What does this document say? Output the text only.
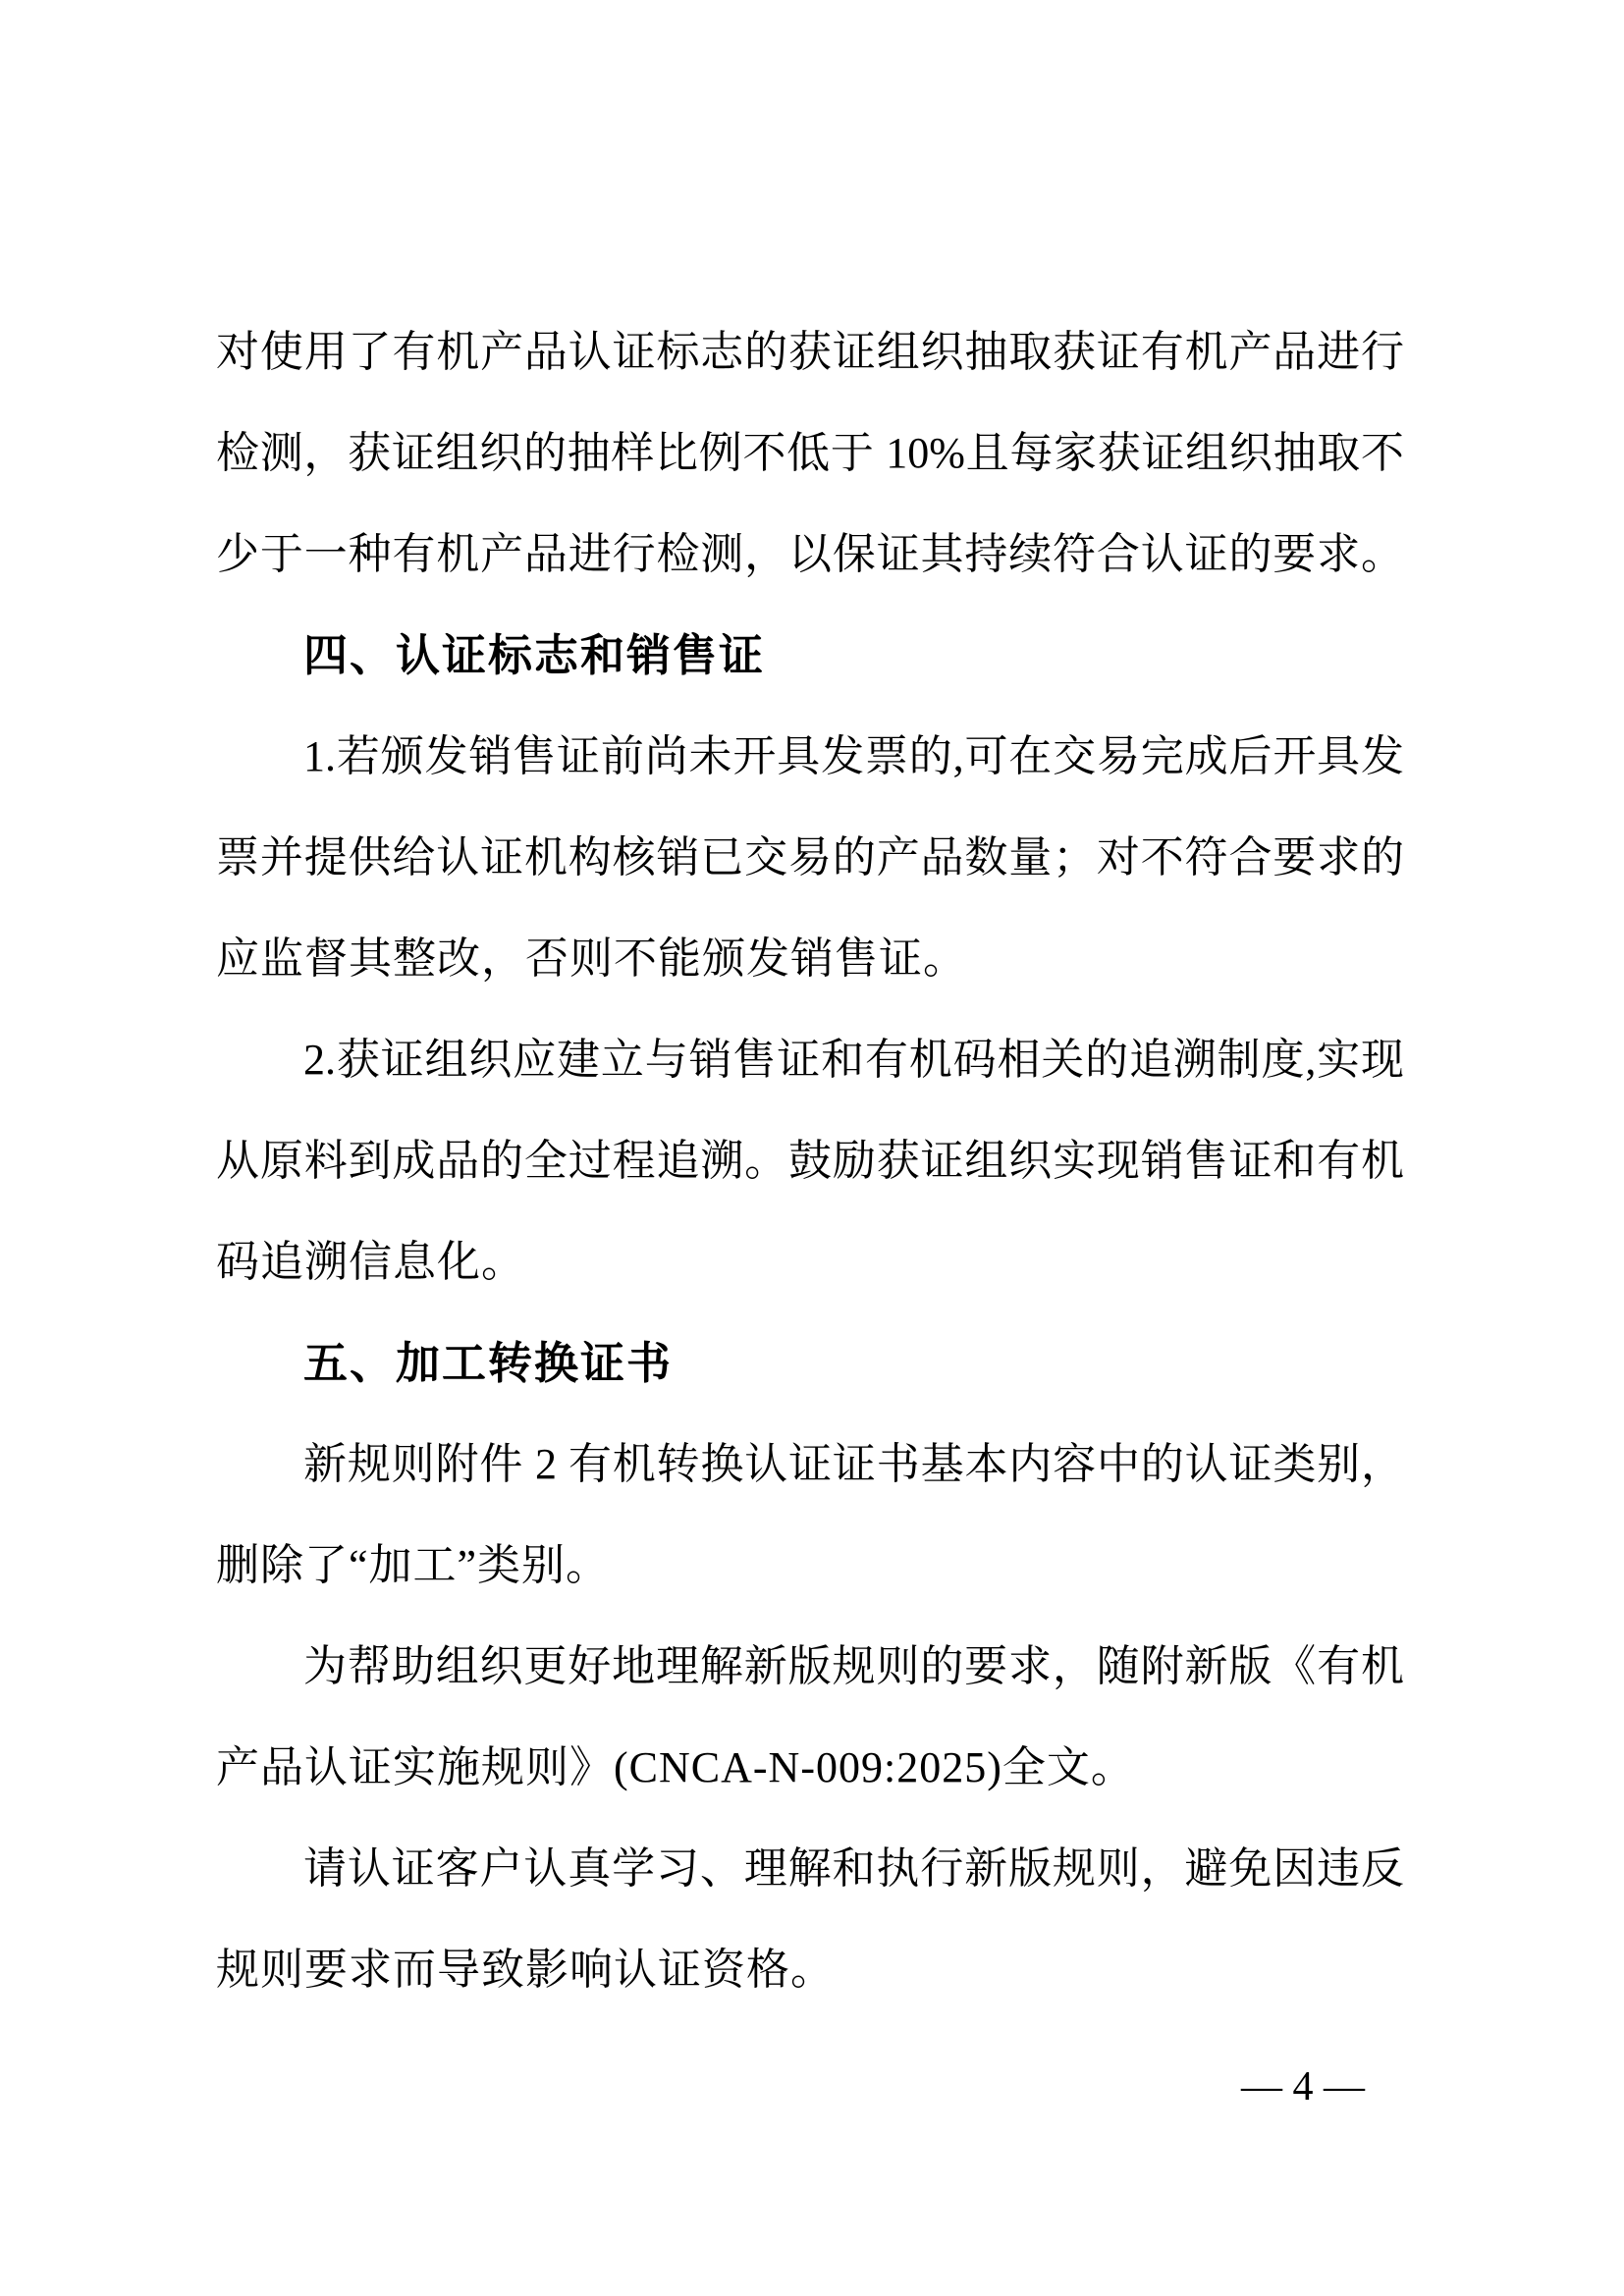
对使用了有机产品认证标志的获证组织抽取获证有机产品进行
检测，获证组织的抽样比例不低于 10%且每家获证组织抽取不
少于一种有机产品进行检测，以保证其持续符合认证的要求。
四、认证标志和销售证
1.若颁发销售证前尚未开具发票的,可在交易完成后开具发
票并提供给认证机构核销已交易的产品数量；对不符合要求的
应监督其整改，否则不能颁发销售证。
2.获证组织应建立与销售证和有机码相关的追溯制度,实现
从原料到成品的全过程追溯。鼓励获证组织实现销售证和有机
码追溯信息化。
五、加工转换证书
新规则附件 2 有机转换认证证书基本内容中的认证类别，
删除了“加工”类别。
为帮助组织更好地理解新版规则的要求，随附新版《有机
产品认证实施规则》(CNCA-N-009:2025)全文。
请认证客户认真学习、理解和执行新版规则，避免因违反
规则要求而导致影响认证资格。
— 4 —
